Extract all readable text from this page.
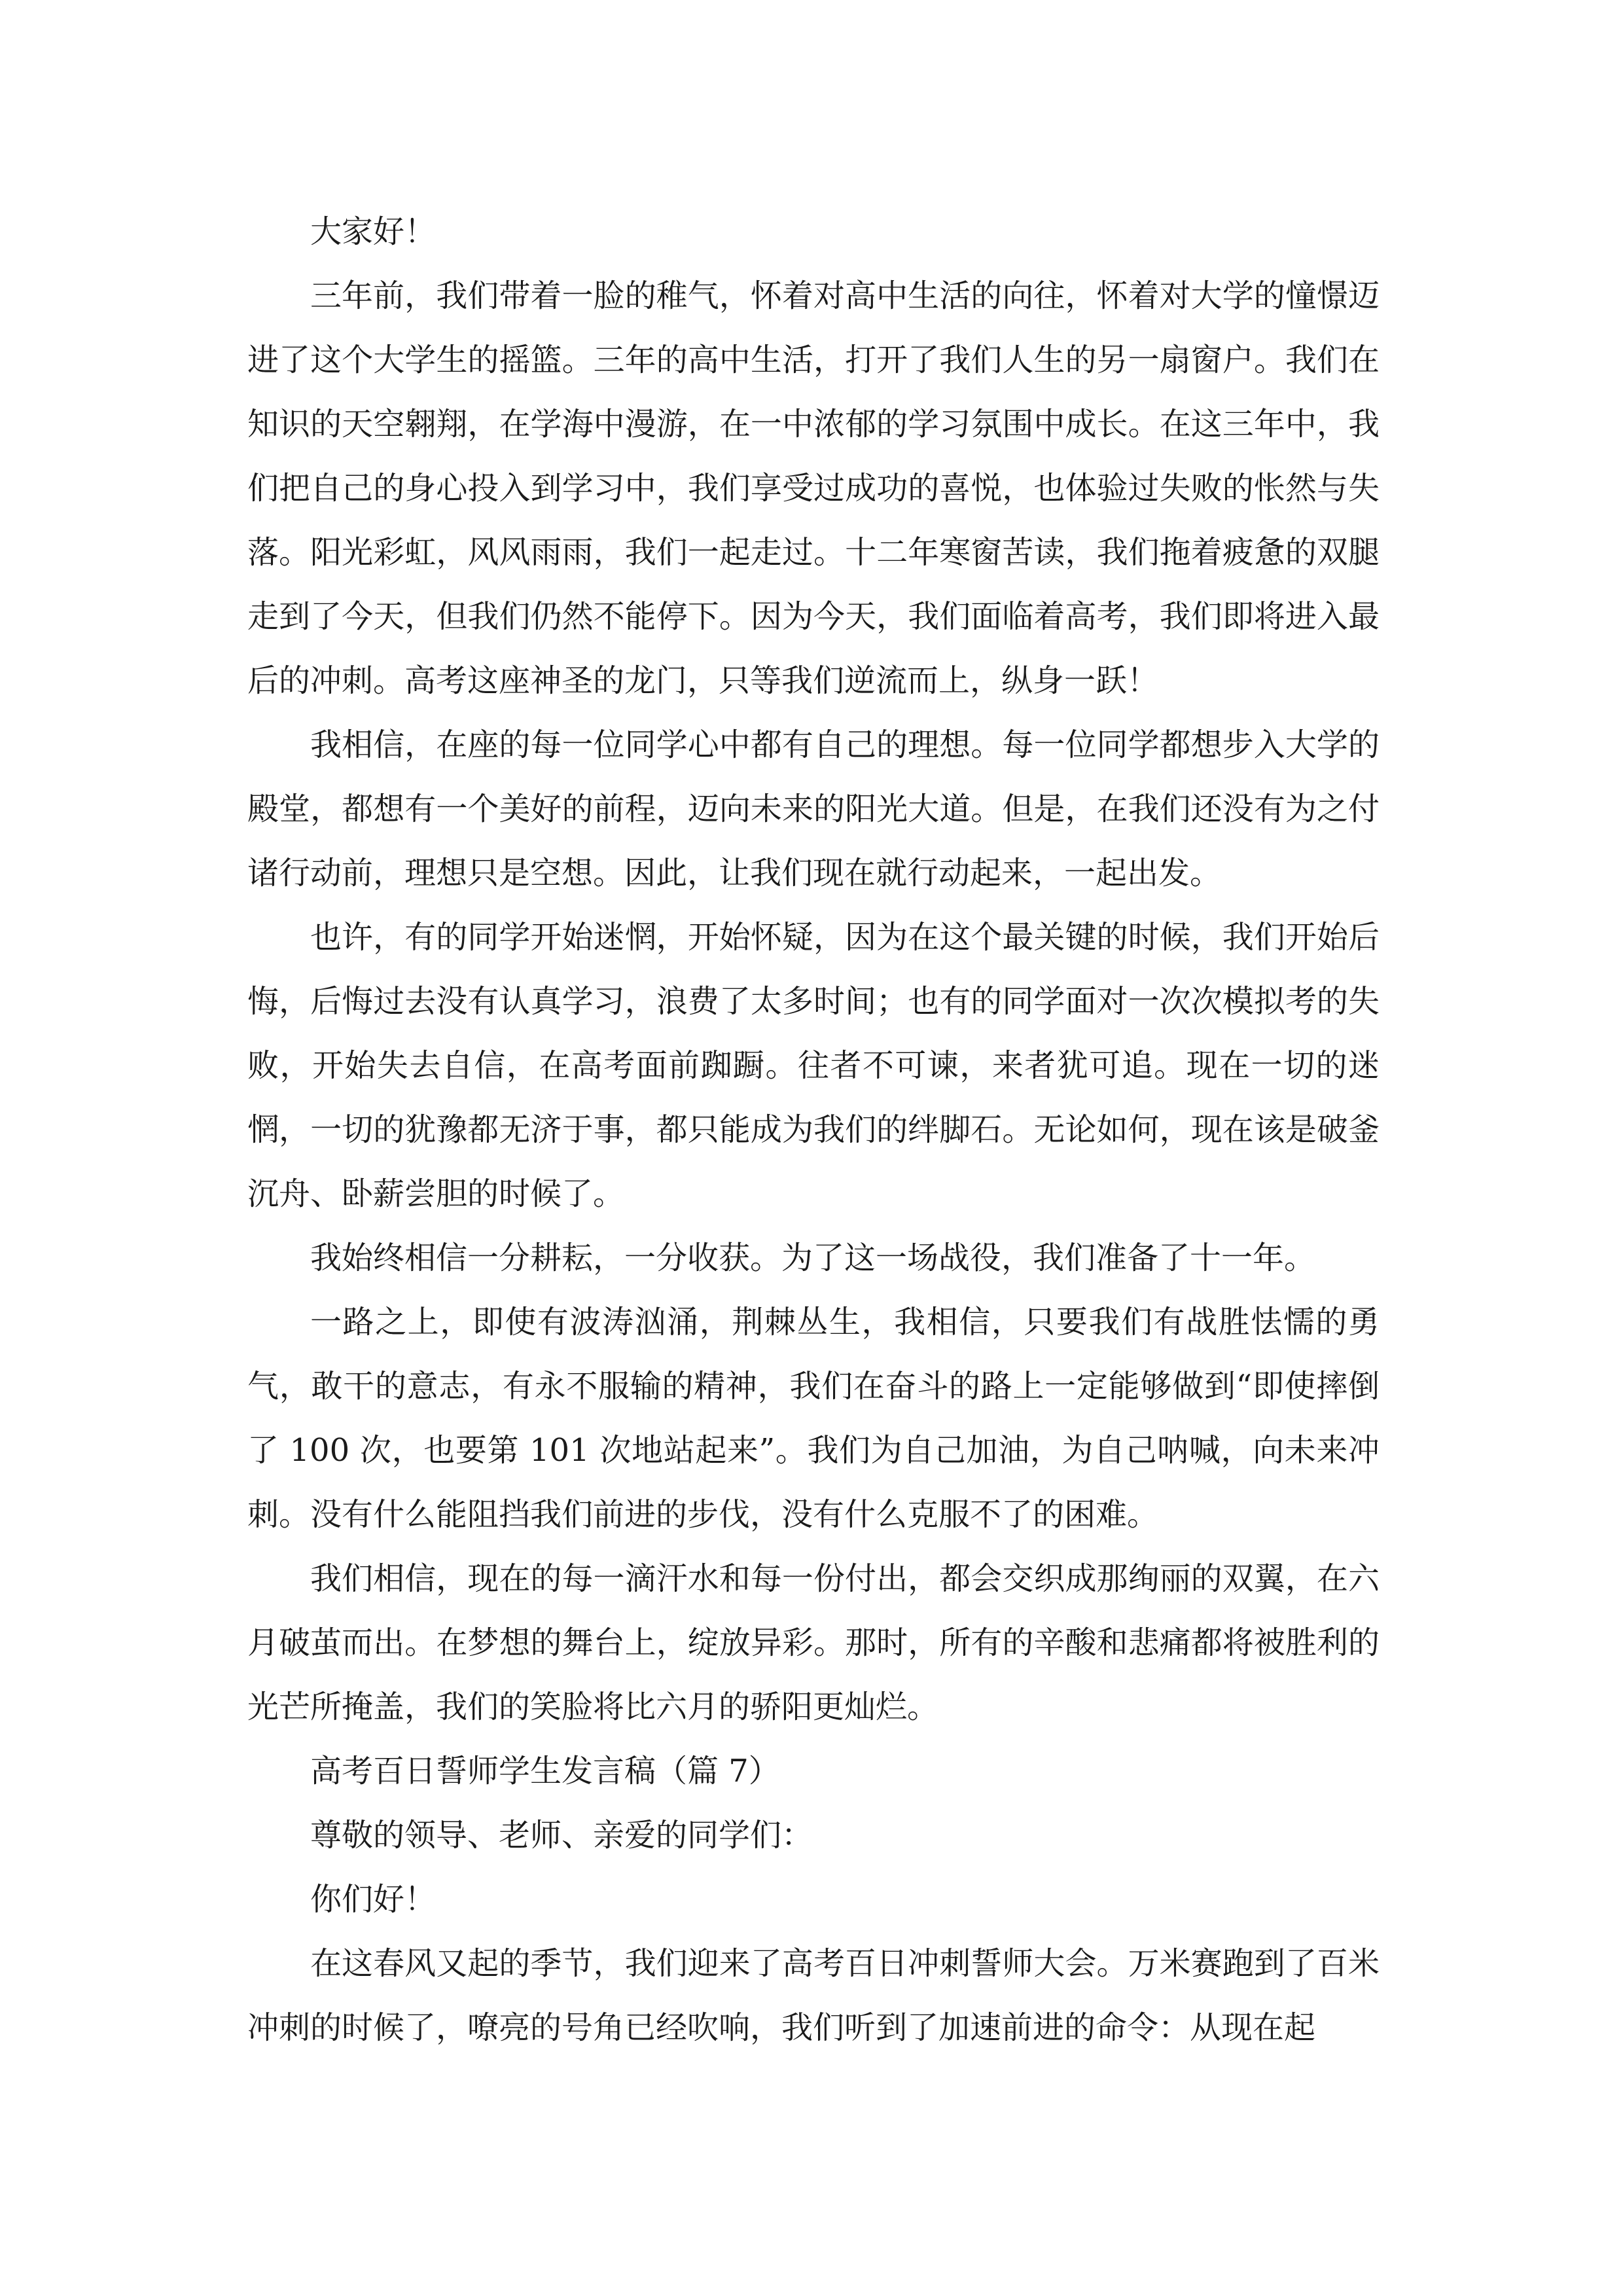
大家好！

三年前，我们带着一脸的稚气，怀着对高中生活的向往，怀着对大学的憧憬迈进了这个大学生的摇篮。三年的高中生活，打开了我们人生的另一扇窗户。我们在知识的天空翱翔，在学海中漫游，在一中浓郁的学习氛围中成长。在这三年中，我们把自己的身心投入到学习中，我们享受过成功的喜悦，也体验过失败的怅然与失落。阳光彩虹，风风雨雨，我们一起走过。十二年寒窗苦读，我们拖着疲惫的双腿走到了今天，但我们仍然不能停下。因为今天，我们面临着高考，我们即将进入最后的冲刺。高考这座神圣的龙门，只等我们逆流而上，纵身一跃！

我相信，在座的每一位同学心中都有自己的理想。每一位同学都想步入大学的殿堂，都想有一个美好的前程，迈向未来的阳光大道。但是，在我们还没有为之付诸行动前，理想只是空想。因此，让我们现在就行动起来，一起出发。

也许，有的同学开始迷惘，开始怀疑，因为在这个最关键的时候，我们开始后悔，后悔过去没有认真学习，浪费了太多时间；也有的同学面对一次次模拟考的失败，开始失去自信，在高考面前踟蹰。往者不可谏，来者犹可追。现在一切的迷惘，一切的犹豫都无济于事，都只能成为我们的绊脚石。无论如何，现在该是破釜沉舟、卧薪尝胆的时候了。

我始终相信一分耕耘，一分收获。为了这一场战役，我们准备了十一年。

一路之上，即使有波涛汹涌，荆棘丛生，我相信，只要我们有战胜怯懦的勇气，敢干的意志，有永不服输的精神，我们在奋斗的路上一定能够做到“即使摔倒了 100 次，也要第 101 次地站起来”。我们为自己加油，为自己呐喊，向未来冲刺。没有什么能阻挡我们前进的步伐，没有什么克服不了的困难。

我们相信，现在的每一滴汗水和每一份付出，都会交织成那绚丽的双翼，在六月破茧而出。在梦想的舞台上，绽放异彩。那时，所有的辛酸和悲痛都将被胜利的光芒所掩盖，我们的笑脸将比六月的骄阳更灿烂。

高考百日誓师学生发言稿（篇 7）

尊敬的领导、老师、亲爱的同学们：

你们好！

在这春风又起的季节，我们迎来了高考百日冲刺誓师大会。万米赛跑到了百米冲刺的时候了，嘹亮的号角已经吹响，我们听到了加速前进的命令：从现在起
